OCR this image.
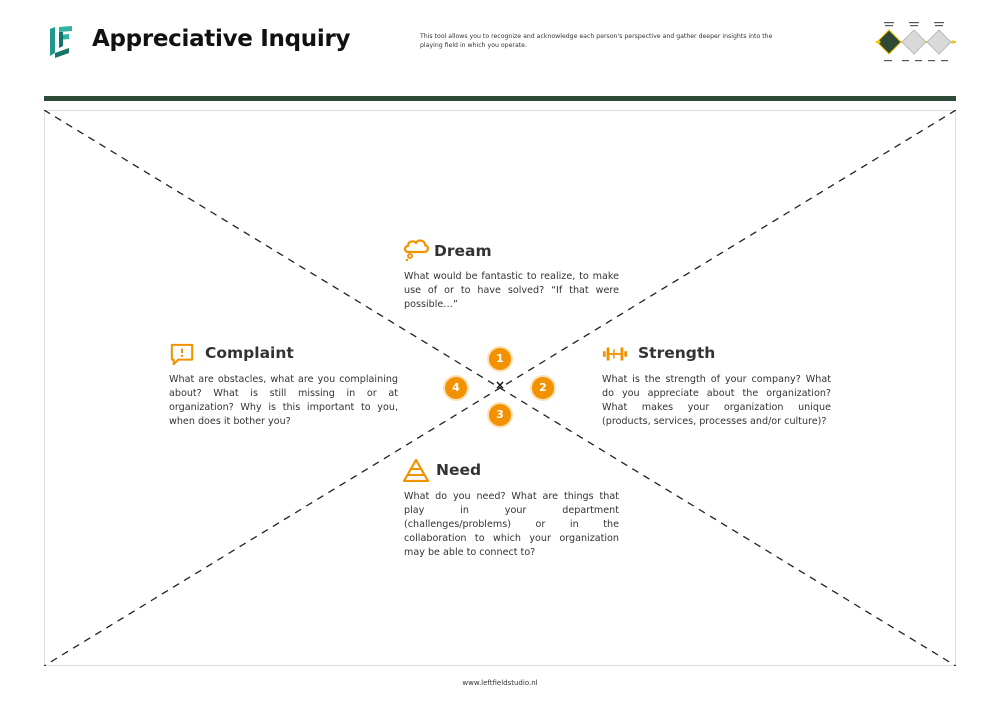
Appreciative Inquiry	This tool allows you to recognize and acknowledge each person's perspective and gather deeper insights into the playing field in which you operate.
×
1
2
3
4
Dream
What would be fantastic to realize, to make use of or to have solved? “If that were possible…”
Strength
What is the strength of your company? What do you appreciate about the organization? What makes your organization unique (products, services, processes and/or culture)?
Need
What do you need? What are things that play in your department (challenges/problems) or in the collaboration to which your organization may be able to connect to?
Complaint
What are obstacles, what are you complaining about? What is still missing in or at organization? Why is this important to you, when does it bother you?
www.leftfieldstudio.nl
